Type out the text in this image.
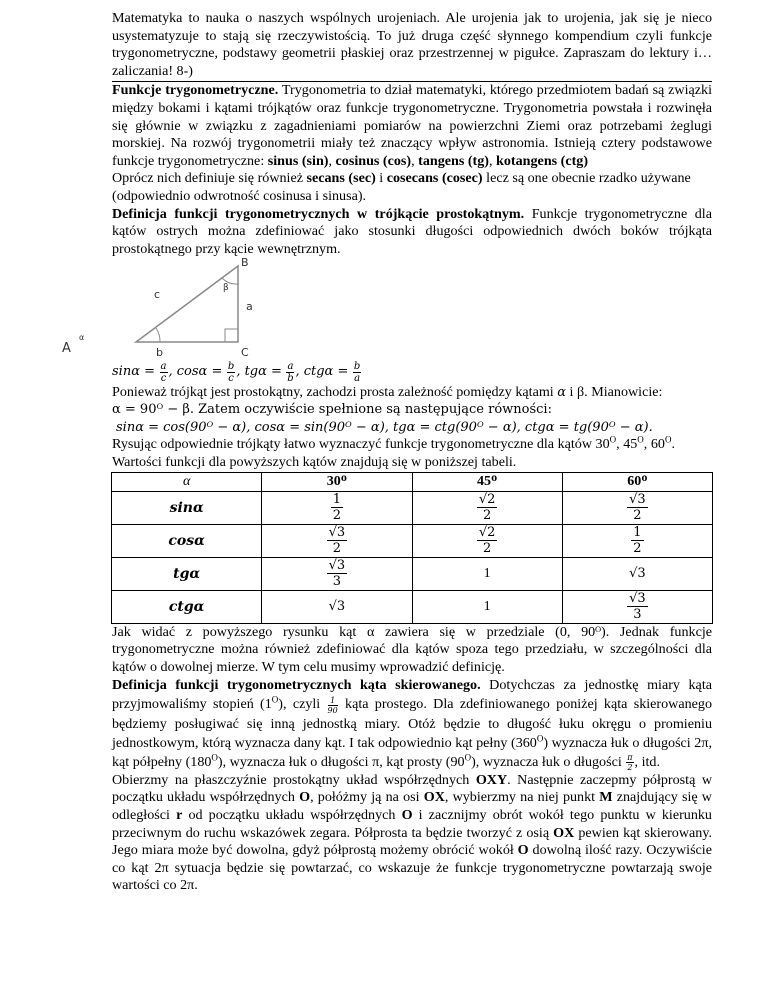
Matematyka to nauka o naszych wspólnych urojeniach. Ale urojenia jak to urojenia, jak się je nieco usystematyzuje to stają się rzeczywistością. To już druga część słynnego kompendium czyli funkcje trygonometryczne, podstawy geometrii płaskiej oraz przestrzennej w pigułce. Zapraszam do lektury i… zaliczania! 8-)

Funkcje trygonometryczne. Trygonometria to dział matematyki, którego przedmiotem badań są związki między bokami i kątami trójkątów oraz funkcje trygonometryczne. Trygonometria powstała i rozwinęła się głównie w związku z zagadnieniami pomiarów na powierzchni Ziemi oraz potrzebami żeglugi morskiej. Na rozwój trygonometrii miały też znaczący wpływ astronomia. Istnieją cztery podstawowe funkcje trygonometryczne: sinus (sin), cosinus (cos), tangens (tg), kotangens (ctg)

Oprócz nich definiuje się również secans (sec) i cosecans (cosec) lecz są one obecnie rzadko używane (odpowiednio odwrotność cosinusa i sinusa).

Definicja funkcji trygonometrycznych w trójkącie prostokątnym. Funkcje trygonometryczne dla kątów ostrych można zdefiniować jako stosunki długości odpowiednich dwóch boków trójkąta prostokątnego przy kącie wewnętrznym.

A
B
C
a
b
c
α
β

$\sin\alpha = \frac{a}{c}$ , $\cos\alpha = \frac{b}{c}$ , $tg\alpha = \frac{a}{b}$ , $ctg\alpha = \frac{b}{a}$

Ponieważ trójkąt jest prostokątny, zachodzi prosta zależność pomiędzy kątami α i β. Mianowicie:

α = 90ᴼ − β. Zatem oczywiście spełnione są następujące równości:

sinα = cos(90ᴼ − α), cosα = sin(90ᴼ − α), tgα = ctg(90ᴼ − α), ctgα = tg(90ᴼ − α).

Rysując odpowiednie trójkąty łatwo wyznaczyć funkcje trygonometryczne dla kątów $30^O$, $45^O$, $60^O$.

Wartości funkcji dla powyższych kątów znajdują się w poniższej tabeli.

α	30ᴼ	45ᴼ	60ᴼ
sinα	$\frac{1}{2}$	$\frac{√2}{2}$	$\frac{√3}{2}$

cosα	$\frac{√3}{2}$	$\frac{√2}{2}$	$\frac{1}{2}$

tgα	$\frac{√3}{3}$	1	√3
ctgα	√3	1	$\frac{√3}{3}$

Jak widać z powyższego rysunku kąt α zawiera się w przedziale (0, 90ᴼ). Jednak funkcje trygonometryczne można również zdefiniować dla kątów spoza tego przedziału, w szczególności dla kątów o dowolnej mierze. W tym celu musimy wprowadzić definicję.

Definicja funkcji trygonometrycznych kąta skierowanego. Dotychczas za jednostkę miary kąta przyjmowaliśmy stopień $(1^O)$, czyli $\frac{1}{90}$ kąta prostego. Dla zdefiniowanego poniżej kąta skierowanego będziemy posługiwać się inną jednostką miary. Otóż będzie to długość łuku okręgu o promieniu jednostkowym, którą wyznacza dany kąt. I tak odpowiednio kąt pełny $(360^O)$ wyznacza łuk o długości 2π, kąt półpełny $(180^O)$, wyznacza łuk o długości π, kąt prosty $(90^O)$, wyznacza łuk o długości $\frac{\pi}{2}$ , itd.

Obierzmy na płaszczyźnie prostokątny układ współrzędnych OXY. Następnie zaczepmy półprostą w początku układu współrzędnych O, połóżmy ją na osi OX, wybierzmy na niej punkt M znajdujący się w odległości r od początku układu współrzędnych O i zacznijmy obrót wokół tego punktu w kierunku przeciwnym do ruchu wskazówek zegara. Półprosta ta będzie tworzyć z osią OX pewien kąt skierowany. Jego miara może być dowolna, gdyż półprostą możemy obrócić wokół O dowolną ilość razy. Oczywiście co kąt 2π sytuacja będzie się powtarzać, co wskazuje że funkcje trygonometryczne powtarzają swoje wartości co 2π.
